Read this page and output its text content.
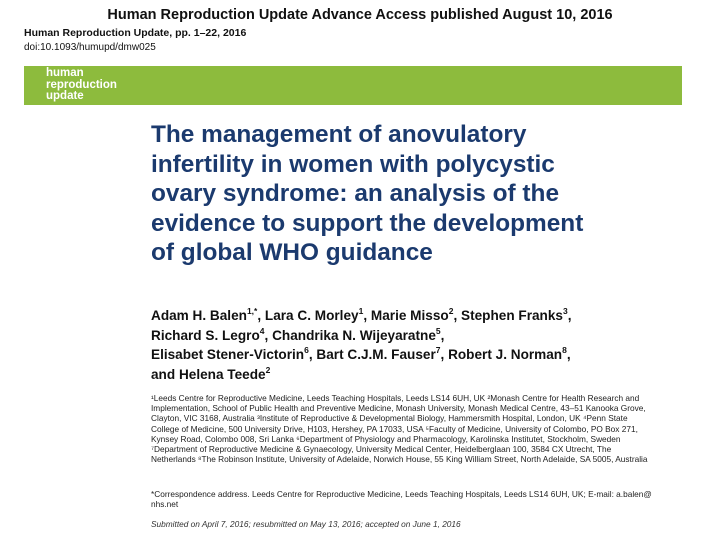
Human Reproduction Update Advance Access published August 10, 2016
Human Reproduction Update, pp. 1–22, 2016
doi:10.1093/humupd/dmw025
human
reproduction
update
The management of anovulatory
infertility in women with polycystic
ovary syndrome: an analysis of the
evidence to support the development
of global WHO guidance
Adam H. Balen$^{1,*}$, Lara C. Morley$^1$, Marie Misso$^2$, Stephen Franks$^3$,
Richard S. Legro$^4$, Chandrika N. Wijeyaratne$^5$,
Elisabet Stener-Victorin$^6$, Bart C.J.M. Fauser$^7$, Robert J. Norman$^8$,
and Helena Teede$^2$
¹Leeds Centre for Reproductive Medicine, Leeds Teaching Hospitals, Leeds LS14 6UH, UK ²Monash Centre for Health Research and
Implementation, School of Public Health and Preventive Medicine, Monash University, Monash Medical Centre, 43–51 Kanooka Grove,
Clayton, VIC 3168, Australia ³Institute of Reproductive & Developmental Biology, Hammersmith Hospital, London, UK ⁴Penn State
College of Medicine, 500 University Drive, H103, Hershey, PA 17033, USA ⁵Faculty of Medicine, University of Colombo, PO Box 271,
Kynsey Road, Colombo 008, Sri Lanka ⁶Department of Physiology and Pharmacology, Karolinska Institutet, Stockholm, Sweden
⁷Department of Reproductive Medicine & Gynaecology, University Medical Center, Heidelberglaan 100, 3584 CX Utrecht, The
Netherlands ⁸The Robinson Institute, University of Adelaide, Norwich House, 55 King William Street, North Adelaide, SA 5005, Australia
*Correspondence address. Leeds Centre for Reproductive Medicine, Leeds Teaching Hospitals, Leeds LS14 6UH, UK; E-mail: a.balen@
nhs.net
Submitted on April 7, 2016; resubmitted on May 13, 2016; accepted on June 1, 2016
